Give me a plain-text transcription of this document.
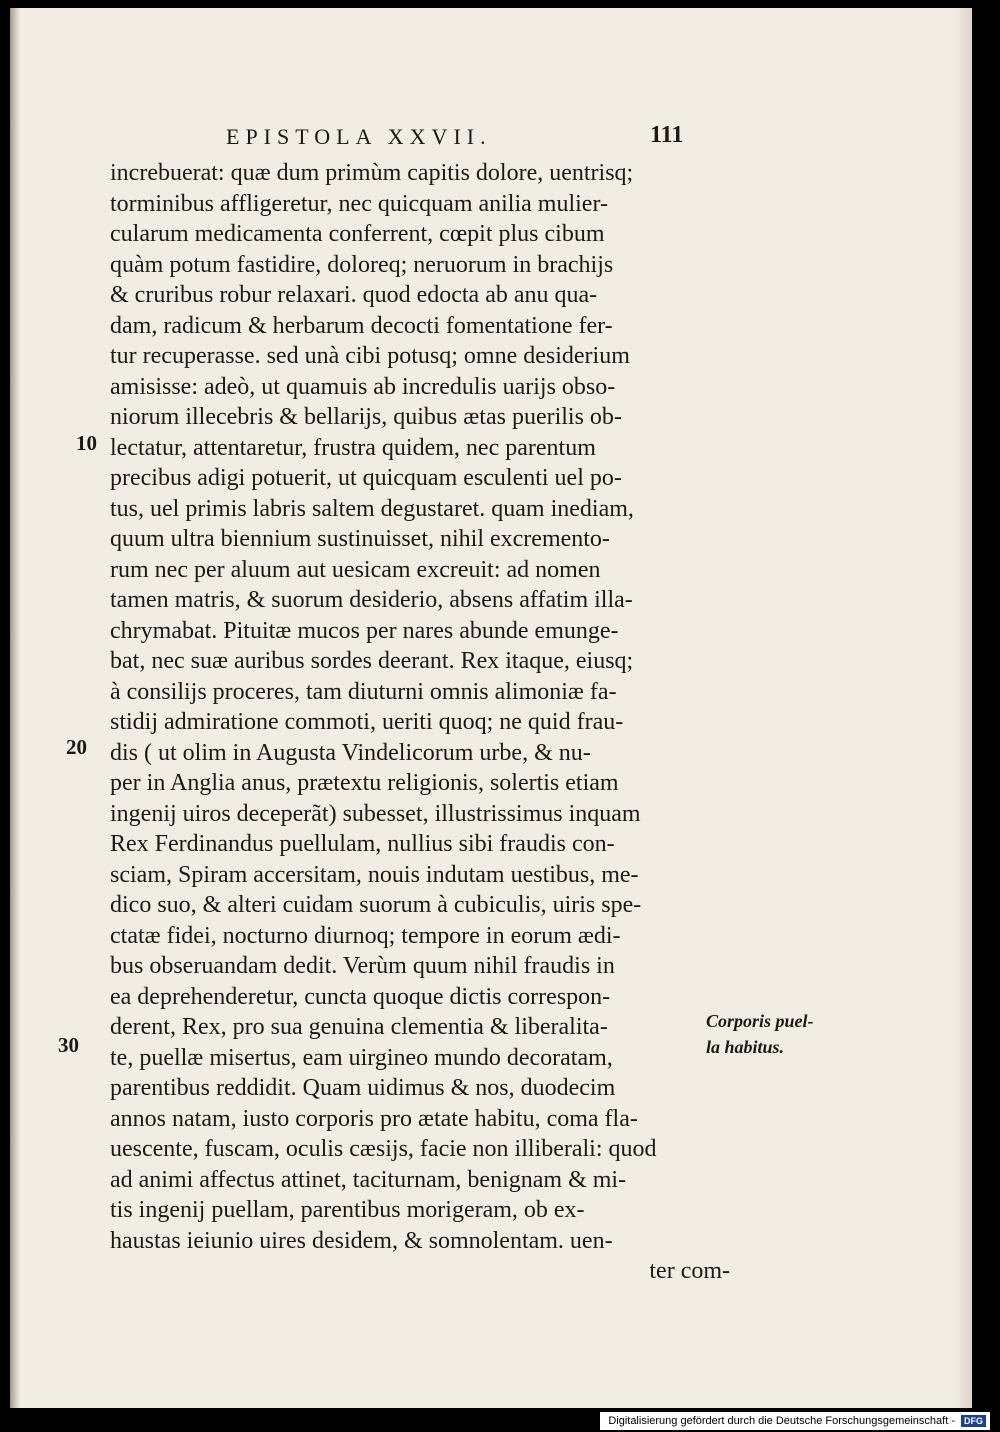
EPISTOLA XXVII.	111
increbuerat: quæ dum primùm capitis dolore, uentrisq;
torminibus affligeretur, nec quicquam anilia mulier-
cularum medicamenta conferrent, cœpit plus cibum
quàm potum fastidire, doloreq; neruorum in brachijs
& cruribus robur relaxari. quod edocta ab anu qua-
dam, radicum & herbarum decocti fomentatione fer-
tur recuperasse. sed unà cibi potusq; omne desiderium
amisisse: adeò, ut quamuis ab incredulis uarijs obso-
niorum illecebris & bellarijs, quibus ætas puerilis ob-
lectatur, attentaretur, frustra quidem, nec parentum
precibus adigi potuerit, ut quicquam esculenti uel po-
tus, uel primis labris saltem degustaret. quam inediam,
quum ultra biennium sustinuisset, nihil excremento-
rum nec per aluum aut uesicam excreuit: ad nomen
tamen matris, & suorum desiderio, absens affatim illa-
chrymabat. Pituitæ mucos per nares abunde emunge-
bat, nec suæ auribus sordes deerant. Rex itaque, eiusq;
à consilijs proceres, tam diuturni omnis alimoniæ fa-
stidij admiratione commoti, ueriti quoq; ne quid frau-
dis ( ut olim in Augusta Vindelicorum urbe, & nu-
per in Anglia anus, prætextu religionis, solertis etiam
ingenij uiros deceperãt) subesset, illustrissimus inquam
Rex Ferdinandus puellulam, nullius sibi fraudis con-
sciam, Spiram accersitam, nouis indutam uestibus, me-
dico suo, & alteri cuidam suorum à cubiculis, uiris spe-
ctatæ fidei, nocturno diurnoq; tempore in eorum ædi-
bus obseruandam dedit. Verùm quum nihil fraudis in
ea deprehenderetur, cuncta quoque dictis correspon-
derent, Rex, pro sua genuina clementia & liberalita-
te, puellæ misertus, eam uirgineo mundo decoratam,
parentibus reddidit. Quam uidimus & nos, duodecim
annos natam, iusto corporis pro ætate habitu, coma fla-
uescente, fuscam, oculis cæsijs, facie non illiberali: quod
ad animi affectus attinet, taciturnam, benignam & mi-
tis ingenij puellam, parentibus morigeram, ob ex-
haustas ieiunio uires desidem, & somnolentam. uen-
ter com-
10
20
30
Corporis puel-
la habitus.
Digitalisierung gefördert durch die Deutsche Forschungsgemeinschaft -	DFG
